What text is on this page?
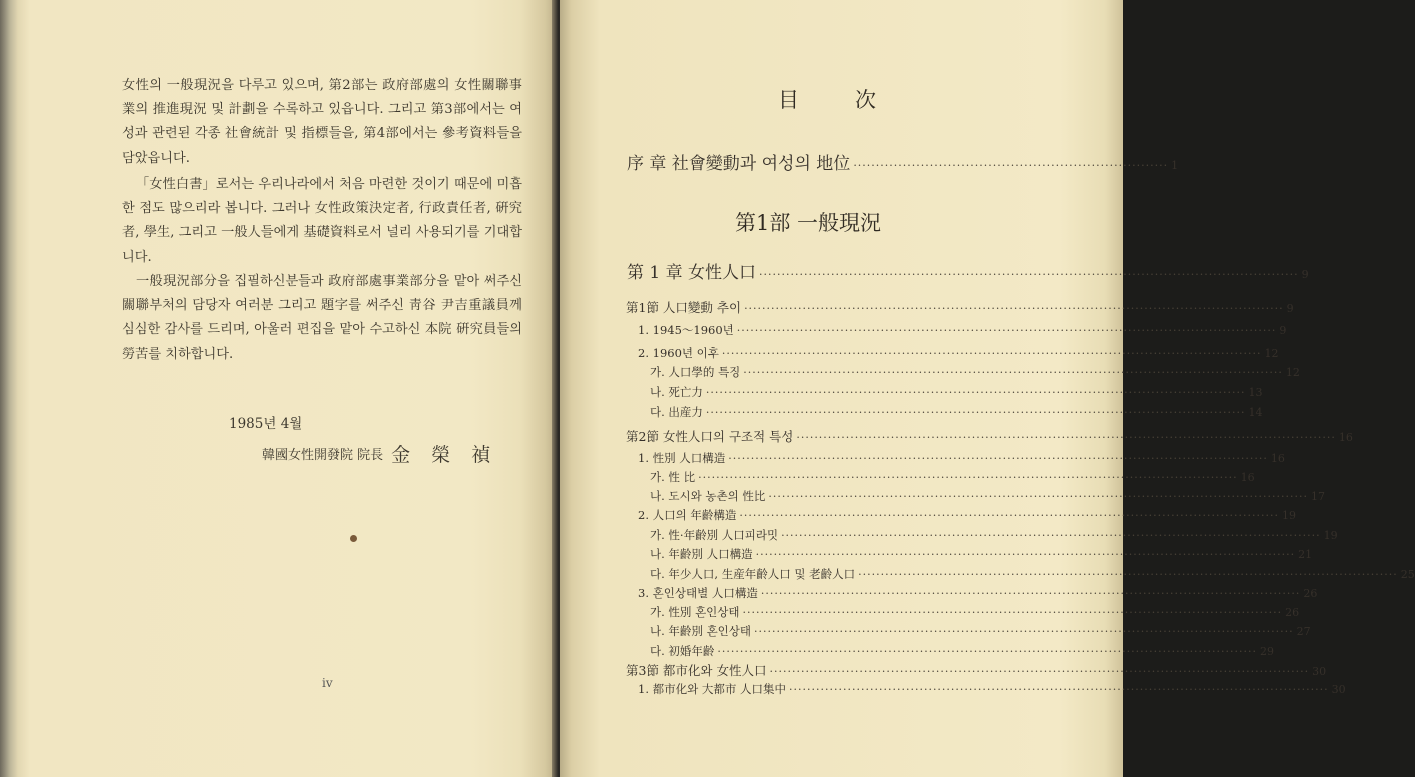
女性의 一般現況을 다루고 있으며, 第2部는 政府部處의 女性關聯事業의 推進現況 및 計劃을 수록하고 있읍니다. 그리고 第3部에서는 여성과 관련된 각종 社會統計 및 指標들을, 第4部에서는 參考資料들을 담았읍니다.

「女性白書」로서는 우리나라에서 처음 마련한 것이기 때문에 미흡한 점도 많으리라 봅니다. 그러나 女性政策決定者, 行政責任者, 硏究者, 學生, 그리고 一般人들에게 基礎資料로서 널리 사용되기를 기대합니다.

一般現況部分을 집필하신분들과 政府部處事業部分을 맡아 써주신 關聯부처의 담당자 여러분 그리고 題字를 써주신 靑谷 尹吉重議員께 심심한 감사를 드리며, 아울러 편집을 맡아 수고하신 本院 硏究員들의 勞苦를 치하합니다.

1985년 4월
韓國女性開發院 院長 金榮禎
iv
目次
序 章 社會變動과 여성의 地位 ······································································ 1
第1部 一般現況
第 1 章 女性人口 ························································································································ 9
第1節 人口變動 추이 ························································································································ 9
1. 1945～1960년 ························································································································ 9
2. 1960년 이후 ························································································································ 12
가. 人口學的 특징 ························································································································ 12
나. 死亡力 ························································································································ 13
다. 出産力 ························································································································ 14
第2節 女性人口의 구조적 특성 ························································································································ 16
1. 性別 人口構造 ························································································································ 16
가. 性 比 ························································································································ 16
나. 도시와 농촌의 性比 ························································································································ 17
2. 人口의 年齡構造 ························································································································ 19
가. 性·年齡別 人口피라밋 ························································································································ 19
나. 年齡別 人口構造 ························································································································ 21
다. 年少人口, 生産年齡人口 및 老齡人口 ························································································································ 25
3. 혼인상태별 人口構造 ························································································································ 26
가. 性別 혼인상태 ························································································································ 26
나. 年齡別 혼인상태 ························································································································ 27
다. 初婚年齡 ························································································································ 29
第3節 都市化와 女性人口 ························································································································ 30
1. 都市化와 大都市 人口集中 ························································································································ 30
